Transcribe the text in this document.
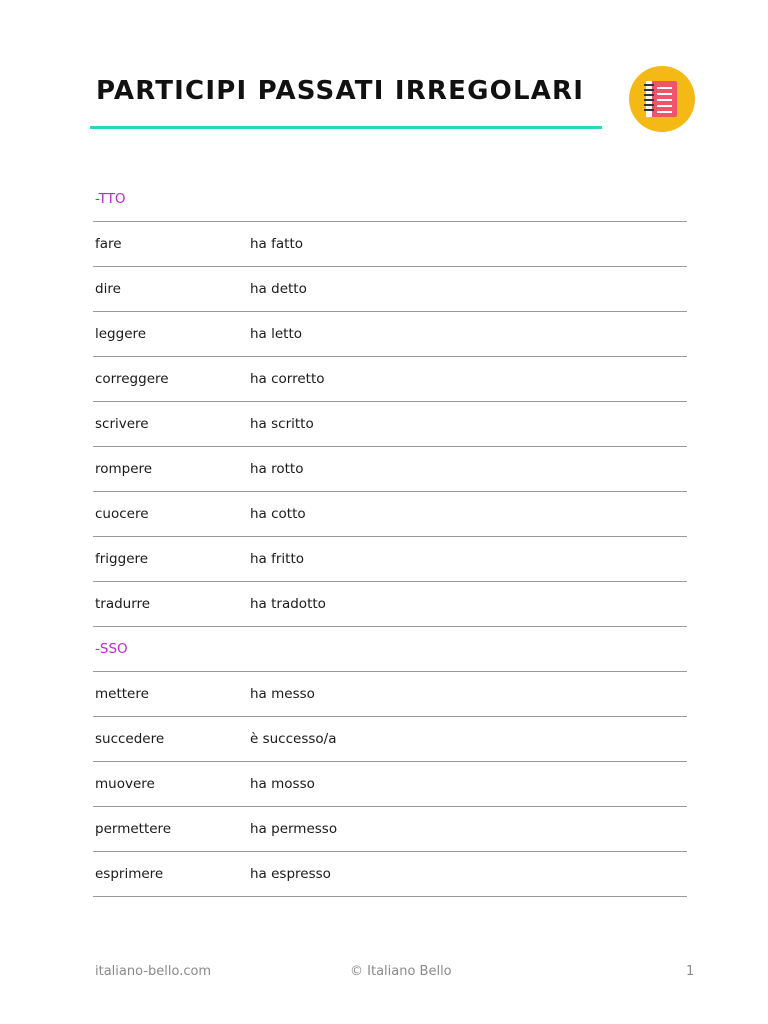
PARTICIPI PASSATI IRREGOLARI
-TTO
fare	ha fatto
dire	ha detto
leggere	ha letto
correggere	ha corretto
scrivere	ha scritto
rompere	ha rotto
cuocere	ha cotto
friggere	ha fritto
tradurre	ha tradotto
-SSO
mettere	ha messo
succedere	è successo/a
muovere	ha mosso
permettere	ha permesso
esprimere	ha espresso
italiano-bello.com	© Italiano Bello	1
